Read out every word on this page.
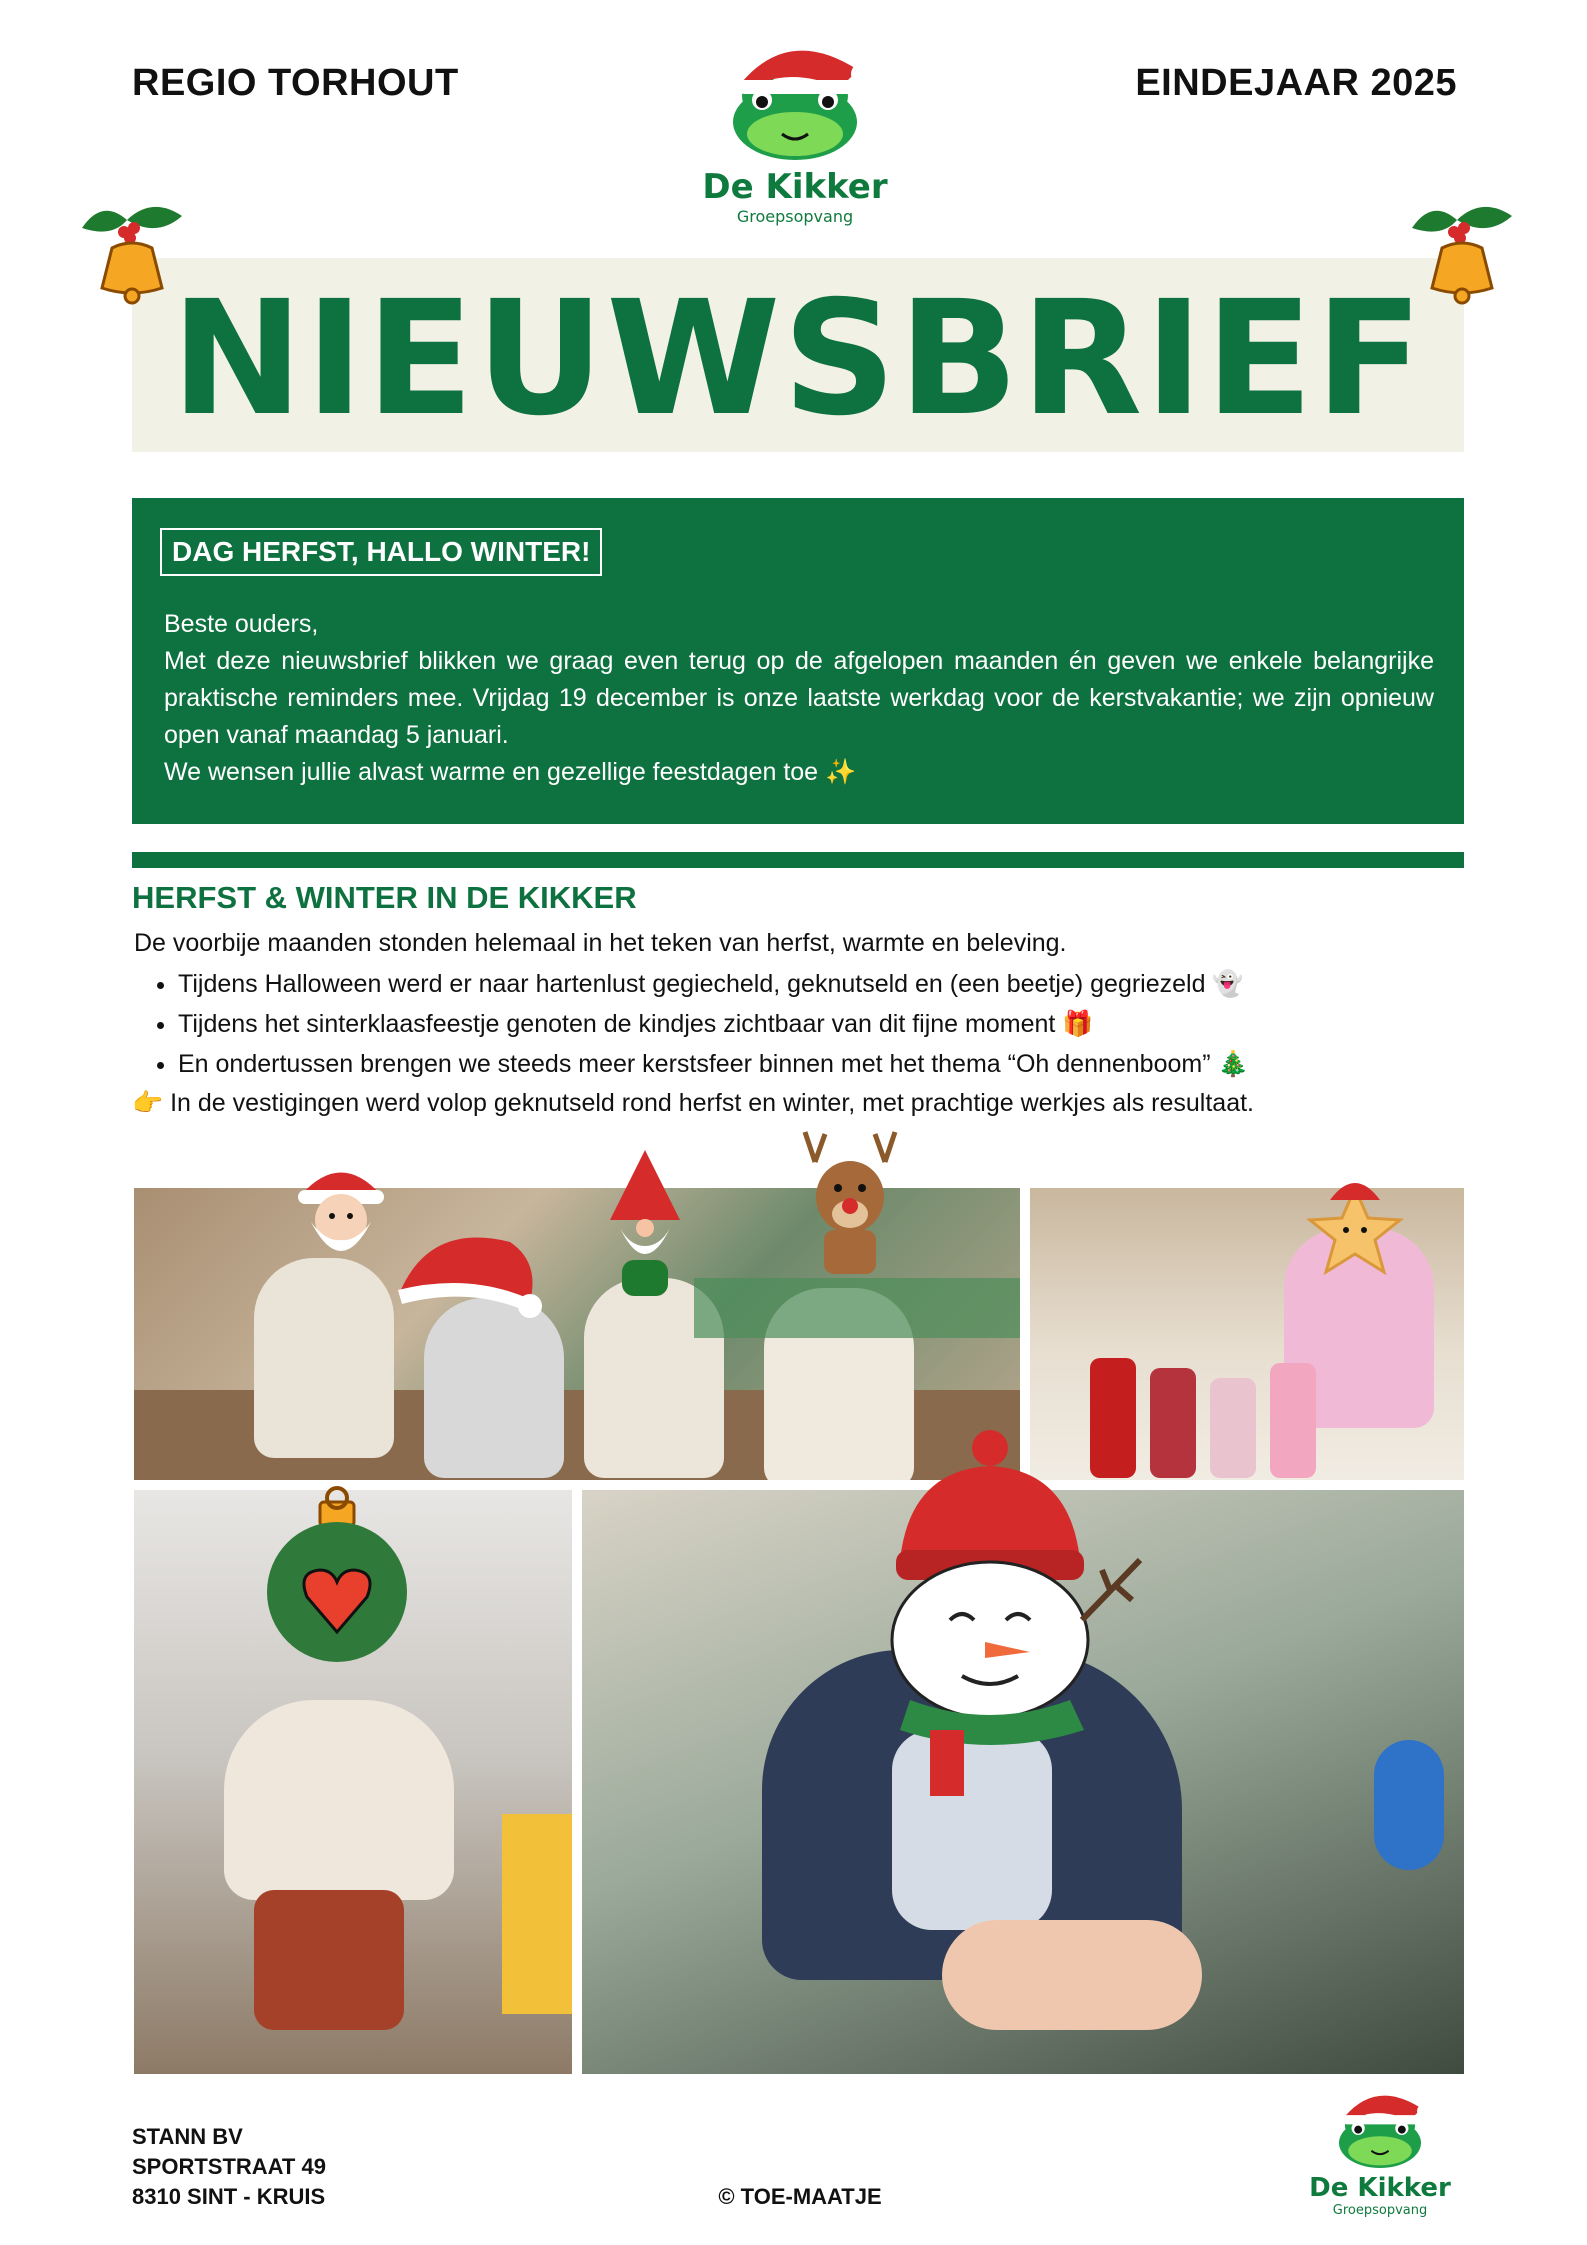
REGIO TORHOUT	EINDEJAAR 2025
De Kikker
Groepsopvang
NIEUWSBRIEF
DAG HERFST, HALLO WINTER!

Beste ouders,

Met deze nieuwsbrief blikken we graag even terug op de afgelopen maanden én geven we enkele belangrijke praktische reminders mee. Vrijdag 19 december is onze laatste werkdag voor de kerstvakantie; we zijn opnieuw open vanaf maandag 5 januari.

We wensen jullie alvast warme en gezellige feestdagen toe ✨

HERFST & WINTER IN DE KIKKER
De voorbije maanden stonden helemaal in het teken van herfst, warmte en beleving.
• Tijdens Halloween werd er naar hartenlust gegiecheld, geknutseld en (een beetje) gegriezeld 👻
• Tijdens het sinterklaasfeestje genoten de kindjes zichtbaar van dit fijne moment 🎁
• En ondertussen brengen we steeds meer kerstsfeer binnen met het thema “Oh dennenboom” 🎄
👉 In de vestigingen werd volop geknutseld rond herfst en winter, met prachtige werkjes als resultaat.
STANN BV
SPORTSTRAAT 49
8310 SINT - KRUIS	© TOE-MAATJE	De Kikker
Groepsopvang
